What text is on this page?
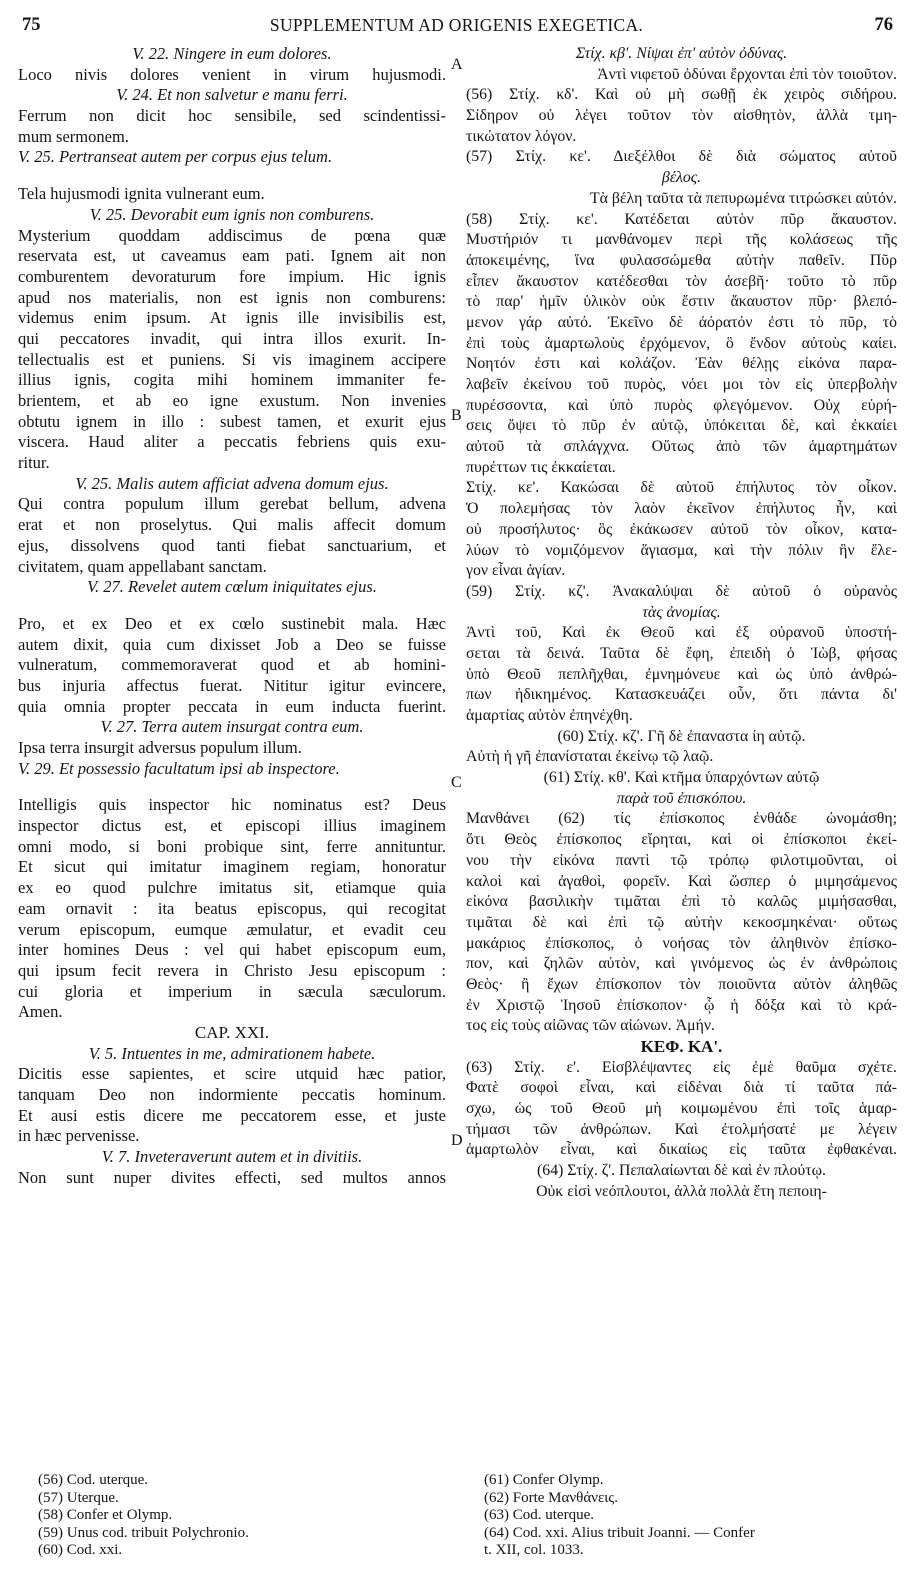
75	SUPPLEMENTUM AD ORIGENIS EXEGETICA.	76
V. 22. Ningere in eum dolores.
Loco nivis dolores venient in virum hujusmodi.
V. 24. Et non salvetur e manu ferri.
Ferrum non dicit hoc sensibile, sed scindentissi-
mum sermonem.
V. 25. Pertranseat autem per corpus ejus telum.
Tela hujusmodi ignita vulnerant eum.
V. 25. Devorabit eum ignis non comburens.
Mysterium quoddam addiscimus de pœna quæ
reservata est, ut caveamus eam pati. Ignem ait non
comburentem devoraturum fore impium. Hic ignis
apud nos materialis, non est ignis non comburens:
videmus enim ipsum. At ignis ille invisibilis est,
qui peccatores invadit, qui intra illos exurit. In-
tellectualis est et puniens. Si vis imaginem accipere
illius ignis, cogita mihi hominem immaniter fe-
brientem, et ab eo igne exustum. Non invenies
obtutu ignem in illo : subest tamen, et exurit ejus
viscera. Haud aliter a peccatis febriens quis exu-
ritur.
V. 25. Malis autem afficiat advena domum ejus.
Qui contra populum illum gerebat bellum, advena
erat et non proselytus. Qui malis affecit domum
ejus, dissolvens quod tanti fiebat sanctuarium, et
civitatem, quam appellabant sanctam.
V. 27. Revelet autem cœlum iniquitates ejus.
Pro, et ex Deo et ex cœlo sustinebit mala. Hæc
autem dixit, quia cum dixisset Job a Deo se fuisse
vulneratum, commemoraverat quod et ab homini-
bus injuria affectus fuerat. Nititur igitur evincere,
quia omnia propter peccata in eum inducta fuerint.
V. 27. Terra autem insurgat contra eum.
Ipsa terra insurgit adversus populum illum.
V. 29. Et possessio facultatum ipsi ab inspectore.
Intelligis quis inspector hic nominatus est? Deus
inspector dictus est, et episcopi illius imaginem
omni modo, si boni probique sint, ferre annituntur.
Et sicut qui imitatur imaginem regiam, honoratur
ex eo quod pulchre imitatus sit, etiamque quia
eam ornavit : ita beatus episcopus, qui recogitat
verum episcopum, eumque æmulatur, et evadit ceu
inter homines Deus : vel qui habet episcopum eum,
qui ipsum fecit revera in Christo Jesu episcopum :
cui gloria et imperium in sæcula sæculorum.
Amen.
CAP. XXI.
V. 5. Intuentes in me, admirationem habete.
Dicitis esse sapientes, et scire utquid hæc patior,
tanquam Deo non indormiente peccatis hominum.
Et ausi estis dicere me peccatorem esse, et juste
in hæc pervenisse.
V. 7. Inveteraverunt autem et in divitiis.
Non sunt nuper divites effecti, sed multos annos
Στίχ. κβ'. Νίψαι ἐπ' αὐτὸν ὀδύνας.
Ἀντὶ νιφετοῦ ὀδύναι ἔρχονται ἐπὶ τὸν τοιοῦτον.
(56) Στίχ. κδ'. Καὶ οὐ μὴ σωθῇ ἐκ χειρὸς σιδήρου.
Σίδηρον οὐ λέγει τοῦτον τὸν αἰσθητὸν, ἀλλὰ τμη-
τικώτατον λόγον.
(57) Στίχ. κε'. Διεξέλθοι δὲ διὰ σώματος αὐτοῦ
βέλος.
Τὰ βέλη ταῦτα τὰ πεπυρωμένα τιτρώσκει αὐτόν.
(58) Στίχ. κε'. Κατέδεται αὐτὸν πῦρ ἄκαυστον.
Μυστήριόν τι μανθάνομεν περὶ τῆς κολάσεως τῆς
ἀποκειμένης, ἵνα φυλασσώμεθα αὐτὴν παθεῖν. Πῦρ
εἶπεν ἄκαυστον κατέδεσθαι τὸν ἀσεβῆ· τοῦτο τὸ πῦρ
τὸ παρ' ἡμῖν ὑλικὸν οὐκ ἔστιν ἄκαυστον πῦρ· βλεπό-
μενον γάρ αὐτό. Ἐκεῖνο δὲ ἀόρατόν ἐστι τὸ πῦρ, τὸ
ἐπὶ τοὺς ἁμαρτωλοὺς ἐρχόμενον, ὃ ἔνδον αὐτοὺς καίει.
Νοητόν ἐστι καὶ κολάζον. Ἐὰν θέλῃς εἰκόνα παρα-
λαβεῖν ἐκείνου τοῦ πυρὸς, νόει μοι τὸν εἰς ὑπερβολὴν
πυρέσσοντα, καὶ ὑπὸ πυρὸς φλεγόμενον. Οὐχ εὑρή-
σεις ὄψει τὸ πῦρ ἐν αὐτῷ, ὑπόκειται δὲ, καὶ ἐκκαίει
αὐτοῦ τὰ σπλάγχνα. Οὕτως ἀπὸ τῶν ἁμαρτημάτων
πυρέττων τις ἐκκαίεται.
Στίχ. κε'. Κακώσαι δὲ αὐτοῦ ἐπήλυτος τὸν οἶκον.
Ὁ πολεμήσας τὸν λαὸν ἐκεῖνον ἐπήλυτος ἦν, καὶ
οὐ προσήλυτος· ὃς ἐκάκωσεν αὐτοῦ τὸν οἶκον, κατα-
λύων τὸ νομιζόμενον ἅγιασμα, καὶ τὴν πόλιν ἣν ἔλε-
γον εἶναι ἁγίαν.
(59) Στίχ. κζ'. Ἀνακαλύψαι δὲ αὐτοῦ ὁ οὐρανὸς
τὰς ἀνομίας.
Ἀντὶ τοῦ, Καὶ ἐκ Θεοῦ καὶ ἐξ οὐρανοῦ ὑποστή-
σεται τὰ δεινά. Ταῦτα δὲ ἔφη, ἐπειδὴ ὁ Ἰὼβ, φήσας
ὑπὸ Θεοῦ πεπλῆχθαι, ἐμνημόνευε καὶ ὡς ὑπὸ ἀνθρώ-
πων ἠδικημένος. Κατασκευάζει οὖν, ὅτι πάντα δι'
ἁμαρτίας αὐτὸν ἐπηνέχθη.
(60) Στίχ. κζ'. Γῆ δὲ ἐπαναστα ίη αὐτῷ.
Αὐτὴ ἡ γῆ ἐπανίσταται ἐκείνῳ τῷ λαῷ.
(61) Στίχ. κθ'. Καὶ κτῆμα ὑπαρχόντων αὐτῷ
παρὰ τοῦ ἐπισκόπου.
Μανθάνει (62) τίς ἐπίσκοπος ἐνθάδε ὠνομάσθη;
ὅτι Θεὸς ἐπίσκοπος εἴρηται, καὶ οἱ ἐπίσκοποι ἐκεί-
νου τὴν εἰκόνα παντὶ τῷ τρόπῳ φιλοτιμοῦνται, οἱ
καλοὶ καὶ ἀγαθοὶ, φορεῖν. Καὶ ὥσπερ ὁ μιμησάμενος
εἰκόνα βασιλικὴν τιμᾶται ἐπὶ τὸ καλῶς μιμήσασθαι,
τιμᾶται δὲ καὶ ἐπὶ τῷ αὐτὴν κεκοσμηκέναι· οὕτως
μακάριος ἐπίσκοπος, ὁ νοήσας τὸν ἀληθινὸν ἐπίσκο-
πον, καὶ ζηλῶν αὐτὸν, καὶ γινόμενος ὡς ἐν ἀνθρώποις
Θεὸς· ἢ ἔχων ἐπίσκοπον τὸν ποιοῦντα αὐτὸν ἀληθῶς
ἐν Χριστῷ Ἰησοῦ ἐπίσκοπον· ᾧ ἡ δόξα καὶ τὸ κρά-
τος εἰς τοὺς αἰῶνας τῶν αἰώνων. Ἀμήν.
ΚΕΦ. ΚΑ'.
(63) Στίχ. ε'. Εἰσβλέψαντες εἰς ἐμὲ θαῦμα σχέτε.
Φατὲ σοφοὶ εἶναι, καὶ εἰδέναι διὰ τί ταῦτα πά-
σχω, ὡς τοῦ Θεοῦ μὴ κοιμωμένου ἐπὶ τοῖς ἁμαρ-
τήμασι τῶν ἀνθρώπων. Καὶ ἐτολμήσατέ με λέγειν
ἁμαρτωλὸν εἶναι, καὶ δικαίως εἰς ταῦτα ἐφθακέναι.
(64) Στίχ. ζ'. Πεπαλαίωνται δὲ καὶ ἐν πλούτῳ.
Οὐκ εἰσὶ νεόπλουτοι, ἀλλὰ πολλὰ ἔτη πεποιη-
A
B
C
D
(56) Cod. uterque.
(57) Uterque.
(58) Confer et Olymp.
(59) Unus cod. tribuit Polychronio.
(60) Cod. xxi.
(61) Confer Olymp.
(62) Forte Μανθάνεις.
(63) Cod. uterque.
(64) Cod. xxi. Alius tribuit Joanni. — Confer
t. XII, col. 1033.
